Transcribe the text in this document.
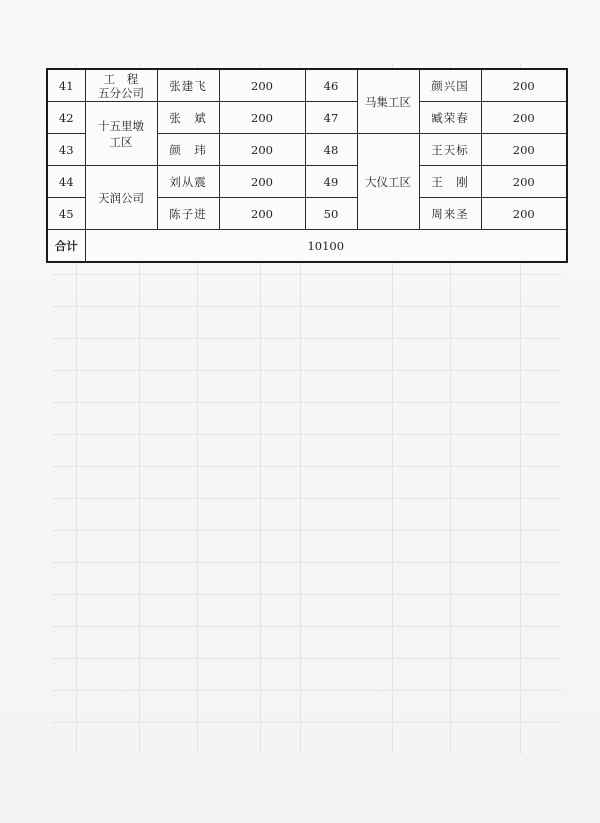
41	工　程
五分公司	张建飞	200	46	马集工区	颜兴国	200
42	十五里墩
工区	张　斌	200	47		臧荣春	200
43		颜　玮	200	48	大仪工区	王天标	200
44	天润公司	刘从震	200	49		王　刚	200
45		陈子进	200	50		周来圣	200
合计	10100						
